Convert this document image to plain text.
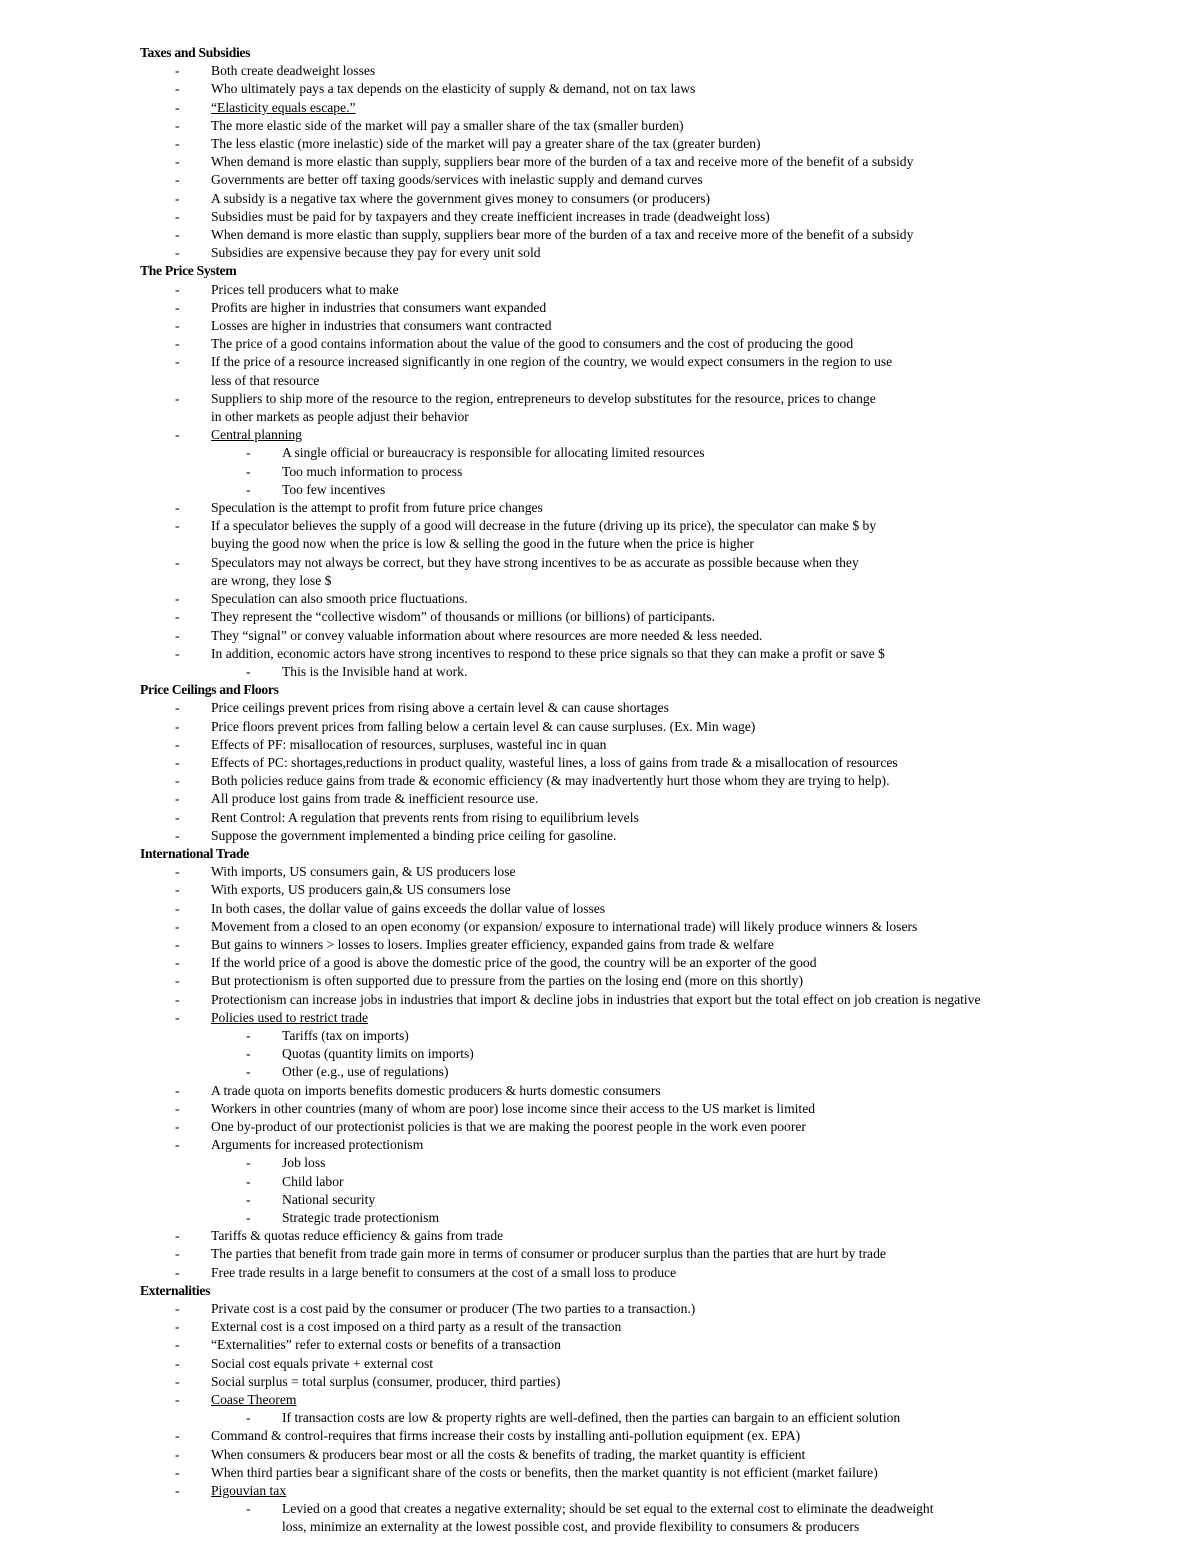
Taxes and Subsidies
- Both create deadweight losses
- Who ultimately pays a tax depends on the elasticity of supply & demand, not on tax laws
- “Elasticity equals escape.”
- The more elastic side of the market will pay a smaller share of the tax (smaller burden)
- The less elastic (more inelastic) side of the market will pay a greater share of the tax (greater burden)
- When demand is more elastic than supply, suppliers bear more of the burden of a tax and receive more of the benefit of a subsidy
- Governments are better off taxing goods/services with inelastic supply and demand curves
- A subsidy is a negative tax where the government gives money to consumers (or producers)
- Subsidies must be paid for by taxpayers and they create inefficient increases in trade (deadweight loss)
- When demand is more elastic than supply, suppliers bear more of the burden of a tax and receive more of the benefit of a subsidy
- Subsidies are expensive because they pay for every unit sold
The Price System
- Prices tell producers what to make
- Profits are higher in industries that consumers want expanded
- Losses are higher in industries that consumers want contracted
- The price of a good contains information about the value of the good to consumers and the cost of producing the good
- If the price of a resource increased significantly in one region of the country, we would expect consumers in the region to use
less of that resource
- Suppliers to ship more of the resource to the region, entrepreneurs to develop substitutes for the resource, prices to change
in other markets as people adjust their behavior
- Central planning
- A single official or bureaucracy is responsible for allocating limited resources
- Too much information to process
- Too few incentives
- Speculation is the attempt to profit from future price changes
- If a speculator believes the supply of a good will decrease in the future (driving up its price), the speculator can make $ by
buying the good now when the price is low & selling the good in the future when the price is higher
- Speculators may not always be correct, but they have strong incentives to be as accurate as possible because when they
are wrong, they lose $
- Speculation can also smooth price fluctuations.
- They represent the “collective wisdom” of thousands or millions (or billions) of participants.
- They “signal” or convey valuable information about where resources are more needed & less needed.
- In addition, economic actors have strong incentives to respond to these price signals so that they can make a profit or save $
- This is the Invisible hand at work.
Price Ceilings and Floors
- Price ceilings prevent prices from rising above a certain level & can cause shortages
- Price floors prevent prices from falling below a certain level & can cause surpluses. (Ex. Min wage)
- Effects of PF: misallocation of resources, surpluses, wasteful inc in quan
- Effects of PC: shortages,reductions in product quality, wasteful lines, a loss of gains from trade & a misallocation of resources
- Both policies reduce gains from trade & economic efficiency (& may inadvertently hurt those whom they are trying to help).
- All produce lost gains from trade & inefficient resource use.
- Rent Control: A regulation that prevents rents from rising to equilibrium levels
- Suppose the government implemented a binding price ceiling for gasoline.
International Trade
- With imports, US consumers gain, & US producers lose
- With exports, US producers gain,& US consumers lose
- In both cases, the dollar value of gains exceeds the dollar value of losses
- Movement from a closed to an open economy (or expansion/ exposure to international trade) will likely produce winners & losers
- But gains to winners > losses to losers. Implies greater efficiency, expanded gains from trade & welfare
- If the world price of a good is above the domestic price of the good, the country will be an exporter of the good
- But protectionism is often supported due to pressure from the parties on the losing end (more on this shortly)
- Protectionism can increase jobs in industries that import & decline jobs in industries that export but the total effect on job creation is negative
- Policies used to restrict trade
- Tariffs (tax on imports)
- Quotas (quantity limits on imports)
- Other (e.g., use of regulations)
- A trade quota on imports benefits domestic producers & hurts domestic consumers
- Workers in other countries (many of whom are poor) lose income since their access to the US market is limited
- One by-product of our protectionist policies is that we are making the poorest people in the work even poorer
- Arguments for increased protectionism
- Job loss
- Child labor
- National security
- Strategic trade protectionism
- Tariffs & quotas reduce efficiency & gains from trade
- The parties that benefit from trade gain more in terms of consumer or producer surplus than the parties that are hurt by trade
- Free trade results in a large benefit to consumers at the cost of a small loss to produce
Externalities
- Private cost is a cost paid by the consumer or producer (The two parties to a transaction.)
- External cost is a cost imposed on a third party as a result of the transaction
- “Externalities” refer to external costs or benefits of a transaction
- Social cost equals private + external cost
- Social surplus = total surplus (consumer, producer, third parties)
- Coase Theorem
- If transaction costs are low & property rights are well-defined, then the parties can bargain to an efficient solution
- Command & control-requires that firms increase their costs by installing anti-pollution equipment (ex. EPA)
- When consumers & producers bear most or all the costs & benefits of trading, the market quantity is efficient
- When third parties bear a significant share of the costs or benefits, then the market quantity is not efficient (market failure)
- Pigouvian tax
- Levied on a good that creates a negative externality; should be set equal to the external cost to eliminate the deadweight
loss, minimize an externality at the lowest possible cost, and provide flexibility to consumers & producers
